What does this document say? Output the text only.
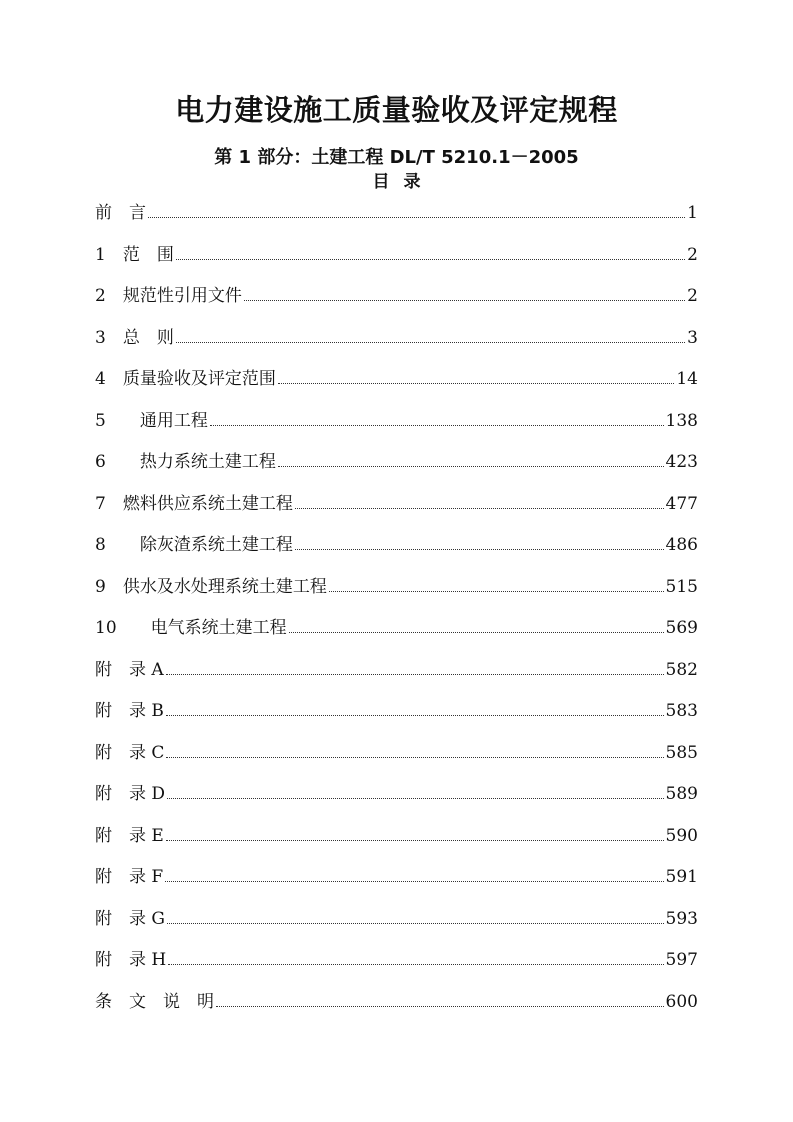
电力建设施工质量验收及评定规程
第 1 部分：土建工程 DL/T 5210.1－2005
目录
前　言	1
1　范　围	2
2　规范性引用文件	2
3　总　则	3
4　质量验收及评定范围	14
5　　通用工程	138
6　　热力系统土建工程	423
7　燃料供应系统土建工程	477
8　　除灰渣系统土建工程	486
9　供水及水处理系统土建工程	515
10　　电气系统土建工程	569
附　录 A	582
附　录 B	583
附　录 C	585
附　录 D	589
附　录 E	590
附　录 F	591
附　录 G	593
附　录 H	597
条　文　说　明	600
